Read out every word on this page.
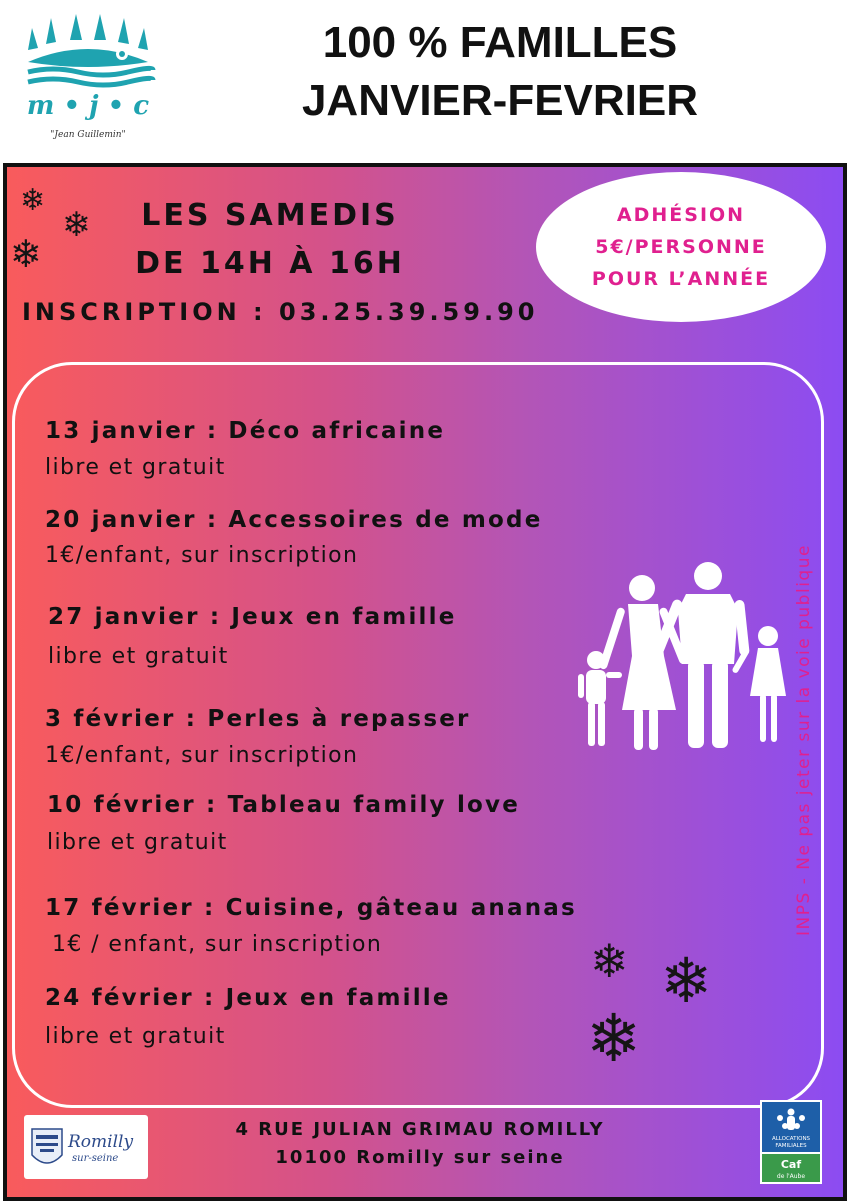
m • j • c
"Jean Guillemin"
100 % FAMILLES
JANVIER-FEVRIER
❄
❄
❄
LES SAMEDIS
DE 14H À 16H
ADHÉSION
5€/PERSONNE
POUR L’ANNÉE
INSCRIPTION : 03.25.39.59.90
13 janvier : Déco africaine
libre et gratuit
20 janvier : Accessoires de mode
1€/enfant, sur inscription
27 janvier : Jeux en famille
libre et gratuit
3 février : Perles à repasser
1€/enfant, sur inscription
10 février : Tableau family love
libre et gratuit
17 février : Cuisine, gâteau ananas
1€ / enfant, sur inscription
24 février : Jeux en famille
libre et gratuit
❄ ❄
❄
INPS - Ne pas jeter sur la voie publique
Romilly
sur-seine
4 RUE JULIAN GRIMAU ROMILLY
10100 Romilly sur seine
ALLOCATIONS
FAMILIALES
Caf
de l'Aube
